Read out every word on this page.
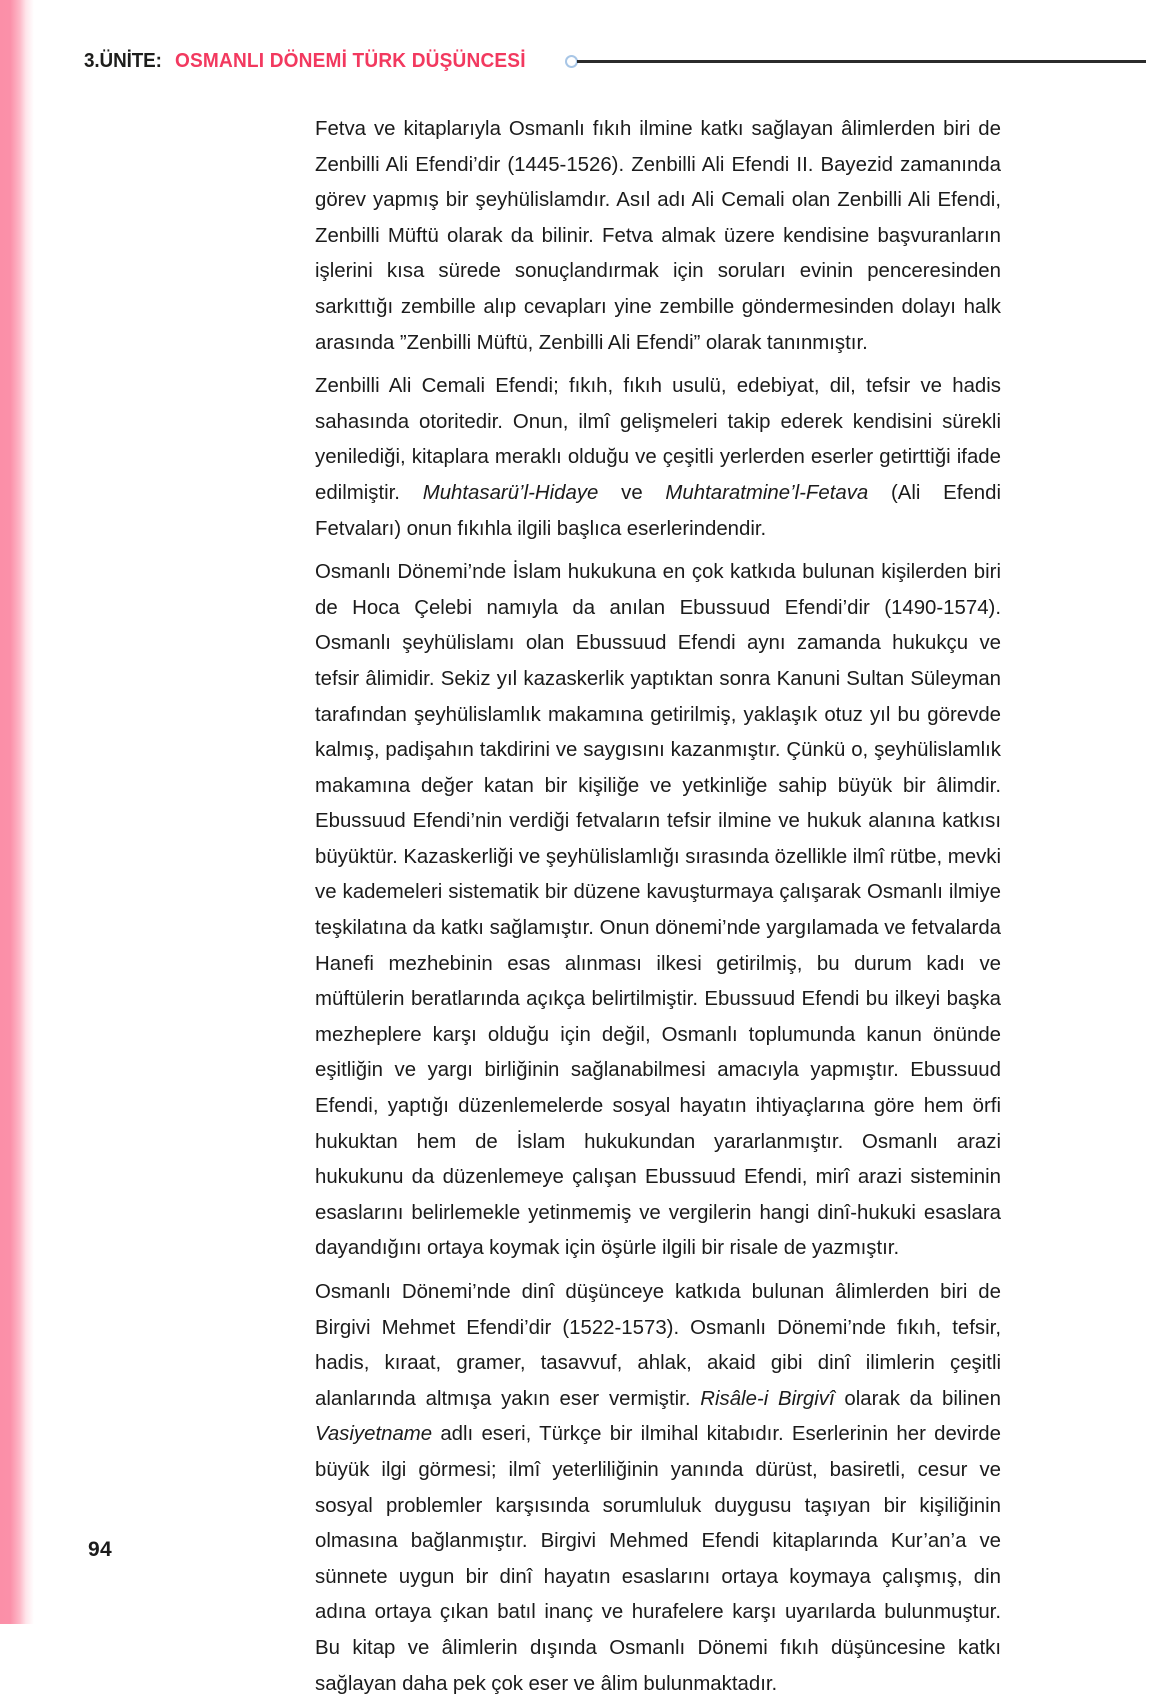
3.ÜNİTE: OSMANLI DÖNEMİ TÜRK DÜŞÜNCESİ

Fetva ve kitaplarıyla Osmanlı fıkıh ilmine katkı sağlayan âlimlerden biri de Zenbilli Ali Efendi’dir (1445-1526). Zenbilli Ali Efendi II. Bayezid zamanında görev yapmış bir şeyhülislamdır. Asıl adı Ali Cemali olan Zenbilli Ali Efendi, Zenbilli Müftü olarak da bilinir. Fetva almak üzere kendisine başvuranların işlerini kısa sürede sonuçlandırmak için soruları evinin penceresinden sarkıttığı zembille alıp cevapları yine zembille göndermesinden dolayı halk arasında ”Zenbilli Müftü, Zenbilli Ali Efendi” olarak tanınmıştır.

Zenbilli Ali Cemali Efendi; fıkıh, fıkıh usulü, edebiyat, dil, tefsir ve hadis sahasında otoritedir. Onun, ilmî gelişmeleri takip ederek kendisini sürekli yenilediği, kitaplara meraklı olduğu ve çeşitli yerlerden eserler getirttiği ifade edilmiştir. Muhtasarü’l-Hidaye ve Muhtaratmine’l-Fetava (Ali Efendi Fetvaları) onun fıkıhla ilgili başlıca eserlerindendir.

Osmanlı Dönemi’nde İslam hukukuna en çok katkıda bulunan kişilerden biri de Hoca Çelebi namıyla da anılan Ebussuud Efendi’dir (1490-1574). Osmanlı şeyhülislamı olan Ebussuud Efendi aynı zamanda hukukçu ve tefsir âlimidir. Sekiz yıl kazaskerlik yaptıktan sonra Kanuni Sultan Süleyman tarafından şeyhülislamlık makamına getirilmiş, yaklaşık otuz yıl bu görevde kalmış, padişahın takdirini ve saygısını kazanmıştır. Çünkü o, şeyhülislamlık makamına değer katan bir kişiliğe ve yetkinliğe sahip büyük bir âlimdir. Ebussuud Efendi’nin verdiği fetvaların tefsir ilmine ve hukuk alanına katkısı büyüktür. Kazaskerliği ve şeyhülislamlığı sırasında özellikle ilmî rütbe, mevki ve kademeleri sistematik bir düzene kavuşturmaya çalışarak Osmanlı ilmiye teşkilatına da katkı sağlamıştır. Onun dönemi’nde yargılamada ve fetvalarda Hanefi mezhebinin esas alınması ilkesi getirilmiş, bu durum kadı ve müftülerin beratlarında açıkça belirtilmiştir. Ebussuud Efendi bu ilkeyi başka mezheplere karşı olduğu için değil, Osmanlı toplumunda kanun önünde eşitliğin ve yargı birliğinin sağlanabilmesi amacıyla yapmıştır. Ebussuud Efendi, yaptığı düzenlemelerde sosyal hayatın ihtiyaçlarına göre hem örfi hukuktan hem de İslam hukukundan yararlanmıştır. Osmanlı arazi hukukunu da düzenlemeye çalışan Ebussuud Efendi, mirî arazi sisteminin esaslarını belirlemekle yetinmemiş ve vergilerin hangi dinî-hukuki esaslara dayandığını ortaya koymak için öşürle ilgili bir risale de yazmıştır.

Osmanlı Dönemi’nde dinî düşünceye katkıda bulunan âlimlerden biri de Birgivi Mehmet Efendi’dir (1522-1573). Osmanlı Dönemi’nde fıkıh, tefsir, hadis, kıraat, gramer, tasavvuf, ahlak, akaid gibi dinî ilimlerin çeşitli alanlarında altmışa yakın eser vermiştir. Risâle-i Birgivî olarak da bilinen Vasiyetname adlı eseri, Türkçe bir ilmihal kitabıdır. Eserlerinin her devirde büyük ilgi görmesi; ilmî yeterliliğinin yanında dürüst, basiretli, cesur ve sosyal problemler karşısında sorumluluk duygusu taşıyan bir kişiliğinin olmasına bağlanmıştır. Birgivi Mehmed Efendi kitaplarında Kur’an’a ve sünnete uygun bir dinî hayatın esaslarını ortaya koymaya çalışmış, din adına ortaya çıkan batıl inanç ve hurafelere karşı uyarılarda bulunmuştur. Bu kitap ve âlimlerin dışında Osmanlı Dönemi fıkıh düşüncesine katkı sağlayan daha pek çok eser ve âlim bulunmaktadır.

94
